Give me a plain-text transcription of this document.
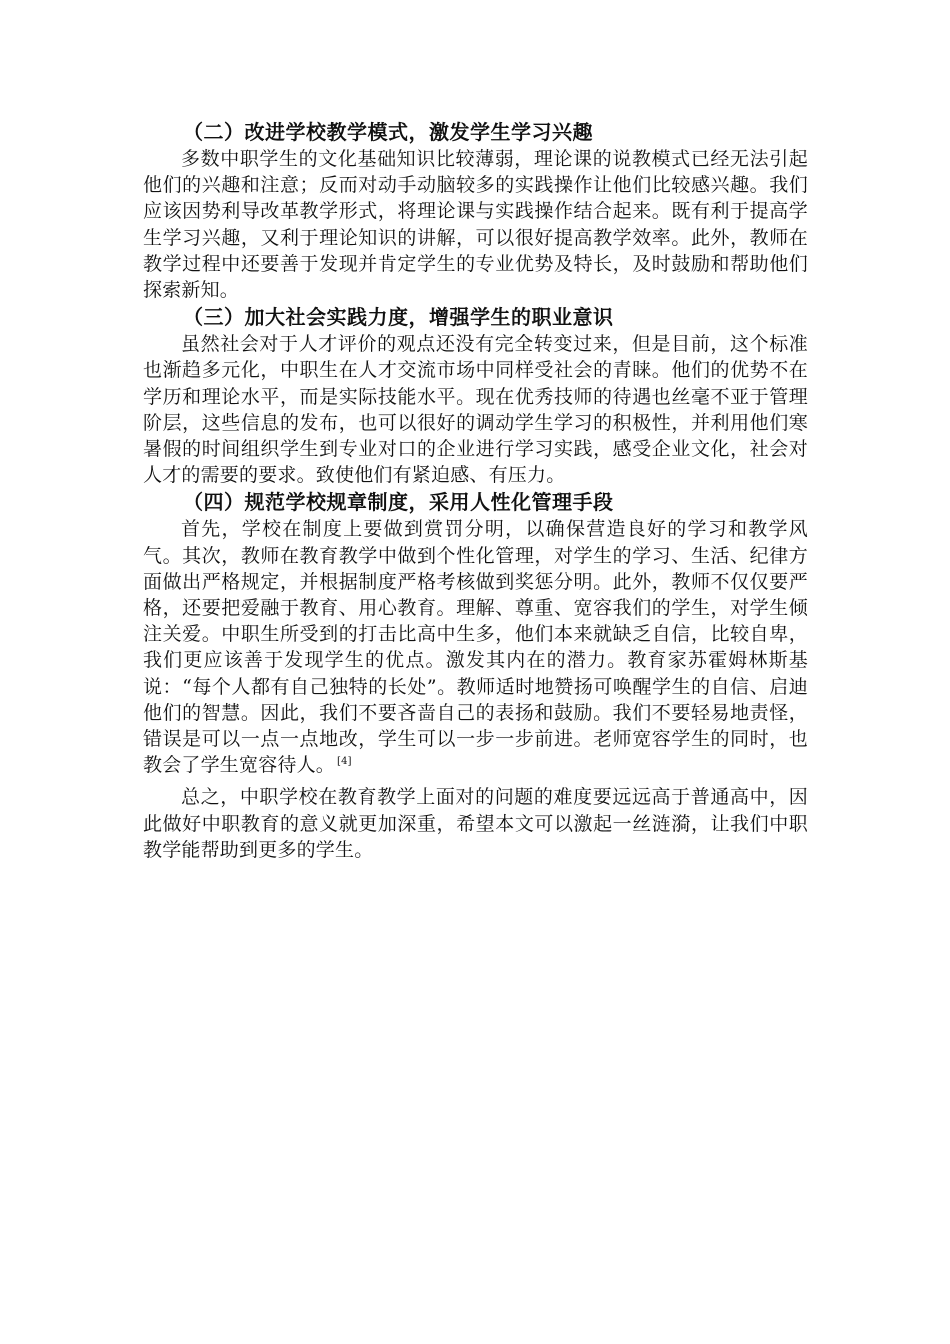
（二）改进学校教学模式，激发学生学习兴趣

多数中职学生的文化基础知识比较薄弱，理论课的说教模式已经无法引起他们的兴趣和注意；反而对动手动脑较多的实践操作让他们比较感兴趣。我们应该因势利导改革教学形式，将理论课与实践操作结合起来。既有利于提高学生学习兴趣，又利于理论知识的讲解，可以很好提高教学效率。此外，教师在教学过程中还要善于发现并肯定学生的专业优势及特长，及时鼓励和帮助他们探索新知。

（三）加大社会实践力度，增强学生的职业意识

虽然社会对于人才评价的观点还没有完全转变过来，但是目前，这个标准也渐趋多元化，中职生在人才交流市场中同样受社会的青睐。他们的优势不在学历和理论水平，而是实际技能水平。现在优秀技师的待遇也丝毫不亚于管理阶层，这些信息的发布，也可以很好的调动学生学习的积极性，并利用他们寒暑假的时间组织学生到专业对口的企业进行学习实践，感受企业文化，社会对人才的需要的要求。致使他们有紧迫感、有压力。

（四）规范学校规章制度，采用人性化管理手段

首先，学校在制度上要做到赏罚分明，以确保营造良好的学习和教学风气。其次，教师在教育教学中做到个性化管理，对学生的学习、生活、纪律方面做出严格规定，并根据制度严格考核做到奖惩分明。此外，教师不仅仅要严格，还要把爱融于教育、用心教育。理解、尊重、宽容我们的学生，对学生倾注关爱。中职生所受到的打击比高中生多，他们本来就缺乏自信，比较自卑，我们更应该善于发现学生的优点。激发其内在的潜力。教育家苏霍姆林斯基说：“每个人都有自己独特的长处”。教师适时地赞扬可唤醒学生的自信、启迪他们的智慧。因此，我们不要吝啬自己的表扬和鼓励。我们不要轻易地责怪，错误是可以一点一点地改，学生可以一步一步前进。老师宽容学生的同时，也教会了学生宽容待人。 [4]

总之，中职学校在教育教学上面对的问题的难度要远远高于普通高中，因此做好中职教育的意义就更加深重，希望本文可以激起一丝涟漪，让我们中职教学能帮助到更多的学生。
